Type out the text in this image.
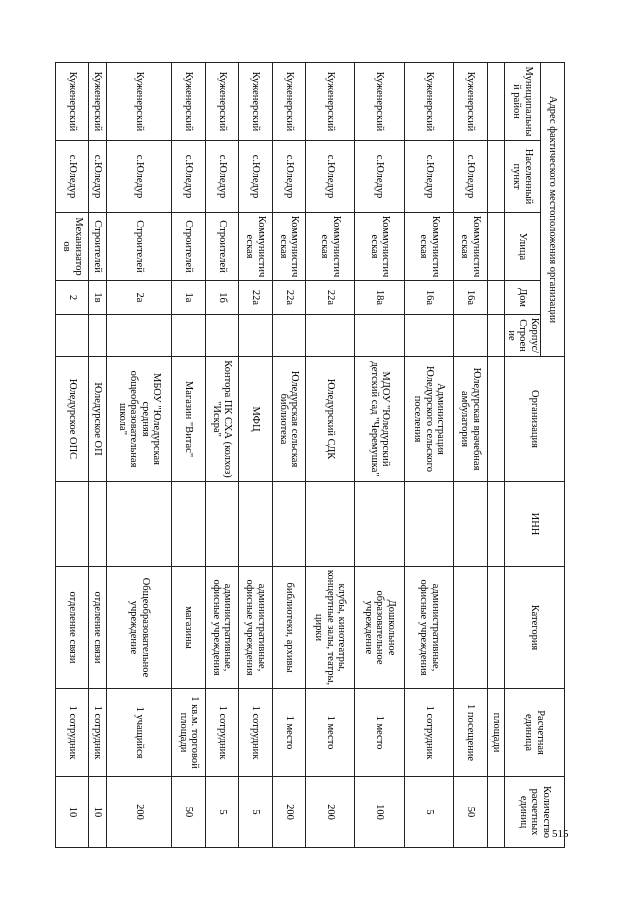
515
Адрес фактического местоположения организации					Организация	ИНН	Категория	Расчетная единица	Количество расчетных единиц
Муниципальный район	Населенный пункт	Улица	Дом	Корпус/Строение					
								площади	
Куженерский	с.Юледур	Коммунистическая	16а		Юледурская врачебная амбулатория			1 посещение	50
Куженерский	с.Юледур	Коммунистическая	16а		Администрация Юледурского сельского поселения		административные, офисные учреждения	1 сотрудник	5
Куженерский	с.Юледур	Коммунистическая	18а		МДОУ "Юледурский детский сад "Черемушка"		Дошкольное образовательное учреждение	1 место	100
Куженерский	с.Юледур	Коммунистическая	22а		Юледурский СДК		клубы, кинотеатры, концертные залы, театры, цирки	1 место	200
Куженерский	с.Юледур	Коммунистическая	22а		Юледурская сельская библиотека		библиотеки, архивы	1 место	200
Куженерский	с.Юледур	Коммунистическая	22а		МФЦ		административные, офисные учреждения	1 сотрудник	5
Куженерский	с.Юледур	Строителей	1б		Контора ПК СХА (колхоз) "Искра"		административные, офисные учреждения	1 сотрудник	5
Куженерский	с.Юледур	Строителей	1а		Магазин "Витас"		магазины	1 кв.м. торговой площади	50
Куженерский	с.Юледур	Строителей	2а		МБОУ "Юледурская средняя общеобразовательная школа"		Общеобразовательное учреждение	1 учащийся	200
Куженерский	с.Юледур	Строителей	1в		Юледурское ОП		отделение связи	1 сотрудник	10
Куженерский	с.Юледур	Механизаторов	2		Юледурское ОПС		отделение связи	1 сотрудник	10
